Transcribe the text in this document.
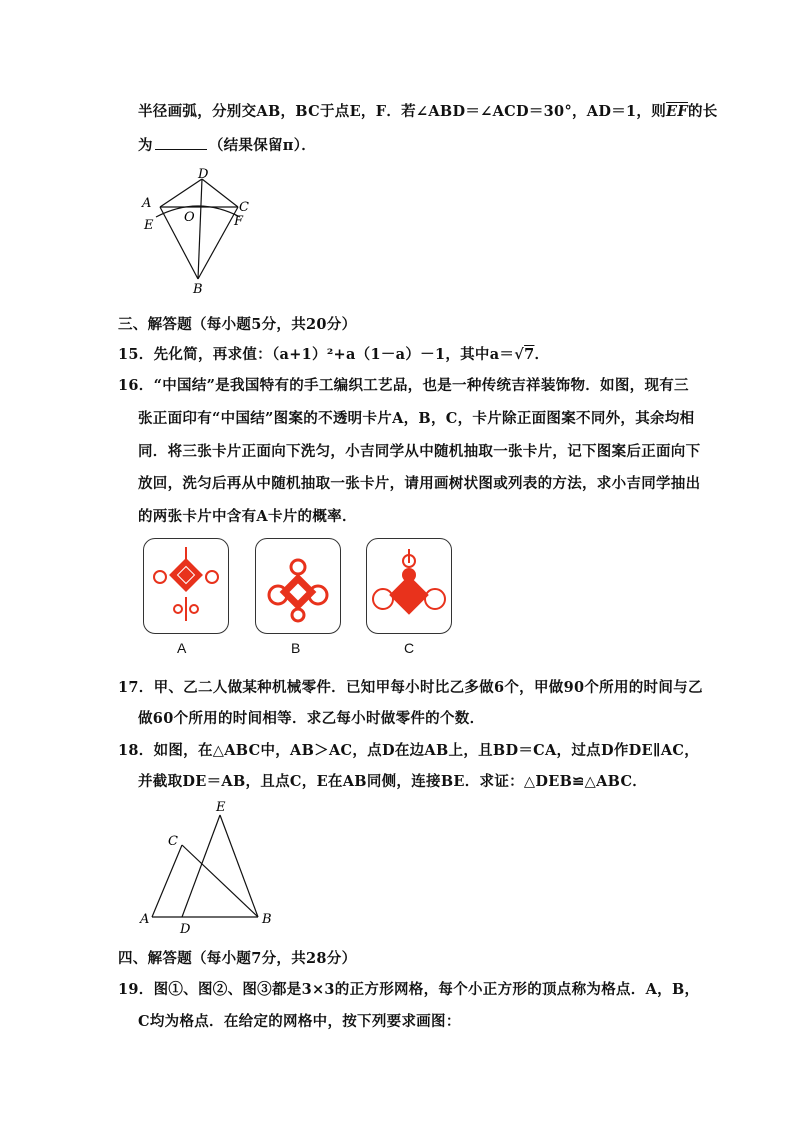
半径画弧，分别交AB，BC于点E，F．若∠ABD＝∠ACD＝30°，AD＝1，则$\overline{EF}$的长
为	（结果保留π）．
A
D
C
E
O	F
B
三、解答题（每小题5分，共20分）
15．先化简，再求值：（a+1）²+a（1－a）－1，其中a＝√7．
16．“中国结”是我国特有的手工编织工艺品，也是一种传统吉祥装饰物．如图，现有三
张正面印有“中国结”图案的不透明卡片A，B，C，卡片除正面图案不同外，其余均相
同．将三张卡片正面向下洗匀，小吉同学从中随机抽取一张卡片，记下图案后正面向下
放回，洗匀后再从中随机抽取一张卡片，请用画树状图或列表的方法，求小吉同学抽出
的两张卡片中含有A卡片的概率．
A	B	C
17．甲、乙二人做某种机械零件．已知甲每小时比乙多做6个，甲做90个所用的时间与乙
做60个所用的时间相等．求乙每小时做零件的个数．
18．如图，在△ABC中，AB＞AC，点D在边AB上，且BD＝CA，过点D作DE∥AC，
并截取DE＝AB，且点C，E在AB同侧，连接BE．求证：△DEB≌△ABC．
E
C
A
D
B
四、解答题（每小题7分，共28分）
19．图①、图②、图③都是3×3的正方形网格，每个小正方形的顶点称为格点．A，B，
C均为格点．在给定的网格中，按下列要求画图：
